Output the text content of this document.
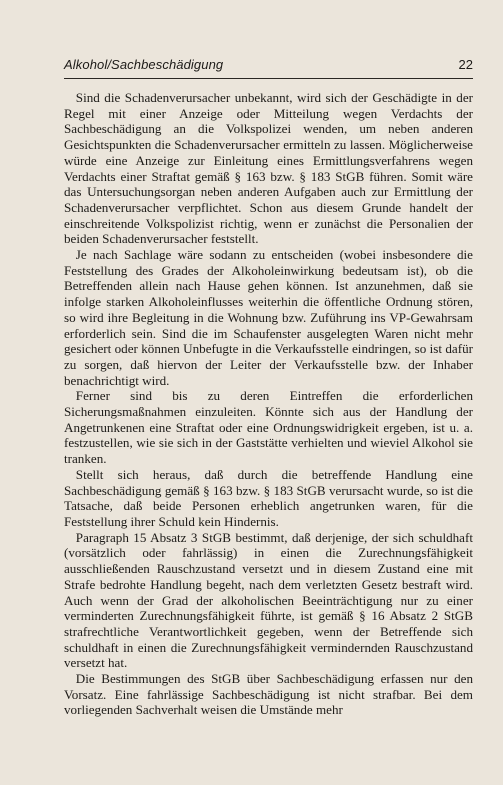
Alkohol/Sachbeschädigung	22

Sind die Schadenverursacher unbekannt, wird sich der Geschädigte in der Regel mit einer Anzeige oder Mitteilung wegen Verdachts der Sachbeschädigung an die Volkspolizei wenden, um neben anderen Gesichtspunkten die Schadenverursacher ermitteln zu lassen. Möglicherweise würde eine Anzeige zur Einleitung eines Ermittlungsverfahrens wegen Verdachts einer Straftat gemäß § 163 bzw. § 183 StGB führen. Somit wäre das Untersuchungsorgan neben anderen Aufgaben auch zur Ermittlung der Schadenverursacher verpflichtet. Schon aus diesem Grunde handelt der einschreitende Volkspolizist richtig, wenn er zunächst die Personalien der beiden Schadenverursacher feststellt.

Je nach Sachlage wäre sodann zu entscheiden (wobei insbesondere die Feststellung des Grades der Alkoholeinwirkung bedeutsam ist), ob die Betreffenden allein nach Hause gehen können. Ist anzunehmen, daß sie infolge starken Alkoholeinflusses weiterhin die öffentliche Ordnung stören, so wird ihre Begleitung in die Wohnung bzw. Zuführung ins VP-Gewahrsam erforderlich sein. Sind die im Schaufenster ausgelegten Waren nicht mehr gesichert oder können Unbefugte in die Verkaufsstelle eindringen, so ist dafür zu sorgen, daß hiervon der Leiter der Verkaufsstelle bzw. der Inhaber benachrichtigt wird.

Ferner sind bis zu deren Eintreffen die erforderlichen Sicherungsmaßnahmen einzuleiten. Könnte sich aus der Handlung der Angetrunkenen eine Straftat oder eine Ordnungswidrigkeit ergeben, ist u. a. festzustellen, wie sie sich in der Gaststätte verhielten und wieviel Alkohol sie tranken.

Stellt sich heraus, daß durch die betreffende Handlung eine Sachbeschädigung gemäß § 163 bzw. § 183 StGB verursacht wurde, so ist die Tatsache, daß beide Personen erheblich angetrunken waren, für die Feststellung ihrer Schuld kein Hindernis.

Paragraph 15 Absatz 3 StGB bestimmt, daß derjenige, der sich schuldhaft (vorsätzlich oder fahrlässig) in einen die Zurechnungsfähigkeit ausschließenden Rauschzustand versetzt und in diesem Zustand eine mit Strafe bedrohte Handlung begeht, nach dem verletzten Gesetz bestraft wird. Auch wenn der Grad der alkoholischen Beeinträchtigung nur zu einer verminderten Zurechnungsfähigkeit führte, ist gemäß § 16 Absatz 2 StGB strafrechtliche Verantwortlichkeit gegeben, wenn der Betreffende sich schuldhaft in einen die Zurechnungsfähigkeit vermindernden Rauschzustand versetzt hat.

Die Bestimmungen des StGB über Sachbeschädigung erfassen nur den Vorsatz. Eine fahrlässige Sachbeschädigung ist nicht strafbar. Bei dem vorliegenden Sachverhalt weisen die Umstände mehr
